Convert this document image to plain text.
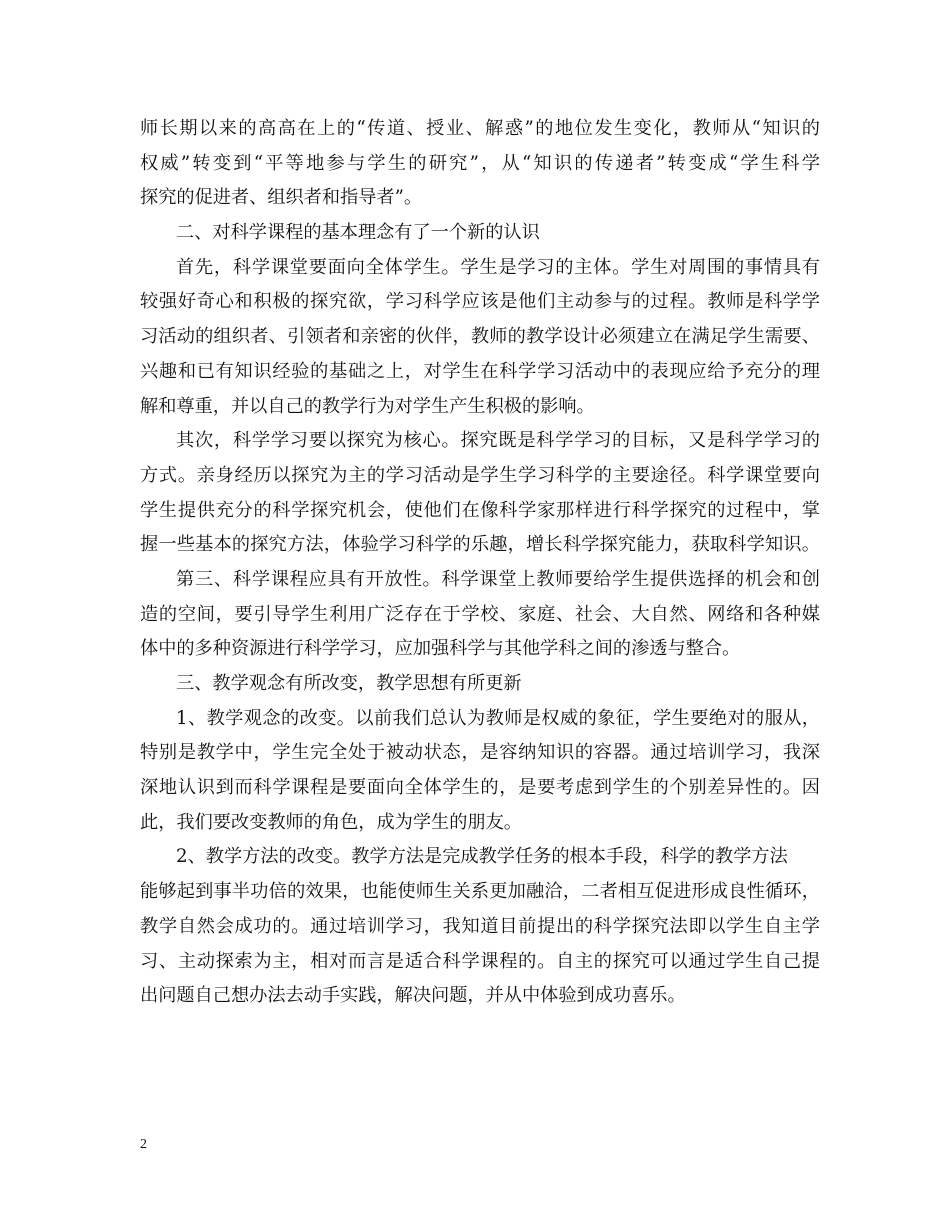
师长期以来的高高在上的“传道、授业、解惑”的地位发生变化，教师从“知识的
权威”转变到“平等地参与学生的研究”，从“知识的传递者”转变成“学生科学
探究的促进者、组织者和指导者”。
二、对科学课程的基本理念有了一个新的认识
首先，科学课堂要面向全体学生。学生是学习的主体。学生对周围的事情具有
较强好奇心和积极的探究欲，学习科学应该是他们主动参与的过程。教师是科学学
习活动的组织者、引领者和亲密的伙伴，教师的教学设计必须建立在满足学生需要、
兴趣和已有知识经验的基础之上，对学生在科学学习活动中的表现应给予充分的理
解和尊重，并以自己的教学行为对学生产生积极的影响。
其次，科学学习要以探究为核心。探究既是科学学习的目标，又是科学学习的
方式。亲身经历以探究为主的学习活动是学生学习科学的主要途径。科学课堂要向
学生提供充分的科学探究机会，使他们在像科学家那样进行科学探究的过程中，掌
握一些基本的探究方法，体验学习科学的乐趣，增长科学探究能力，获取科学知识。
第三、科学课程应具有开放性。科学课堂上教师要给学生提供选择的机会和创
造的空间，要引导学生利用广泛存在于学校、家庭、社会、大自然、网络和各种媒
体中的多种资源进行科学学习，应加强科学与其他学科之间的渗透与整合。
三、教学观念有所改变，教学思想有所更新
1、教学观念的改变。以前我们总认为教师是权威的象征，学生要绝对的服从，
特别是教学中，学生完全处于被动状态，是容纳知识的容器。通过培训学习，我深
深地认识到而科学课程是要面向全体学生的，是要考虑到学生的个别差异性的。因
此，我们要改变教师的角色，成为学生的朋友。
2、教学方法的改变。教学方法是完成教学任务的根本手段，科学的教学方法
能够起到事半功倍的效果，也能使师生关系更加融洽，二者相互促进形成良性循环，
教学自然会成功的。通过培训学习，我知道目前提出的科学探究法即以学生自主学
习、主动探索为主，相对而言是适合科学课程的。自主的探究可以通过学生自己提
出问题自己想办法去动手实践，解决问题，并从中体验到成功喜乐。
2
